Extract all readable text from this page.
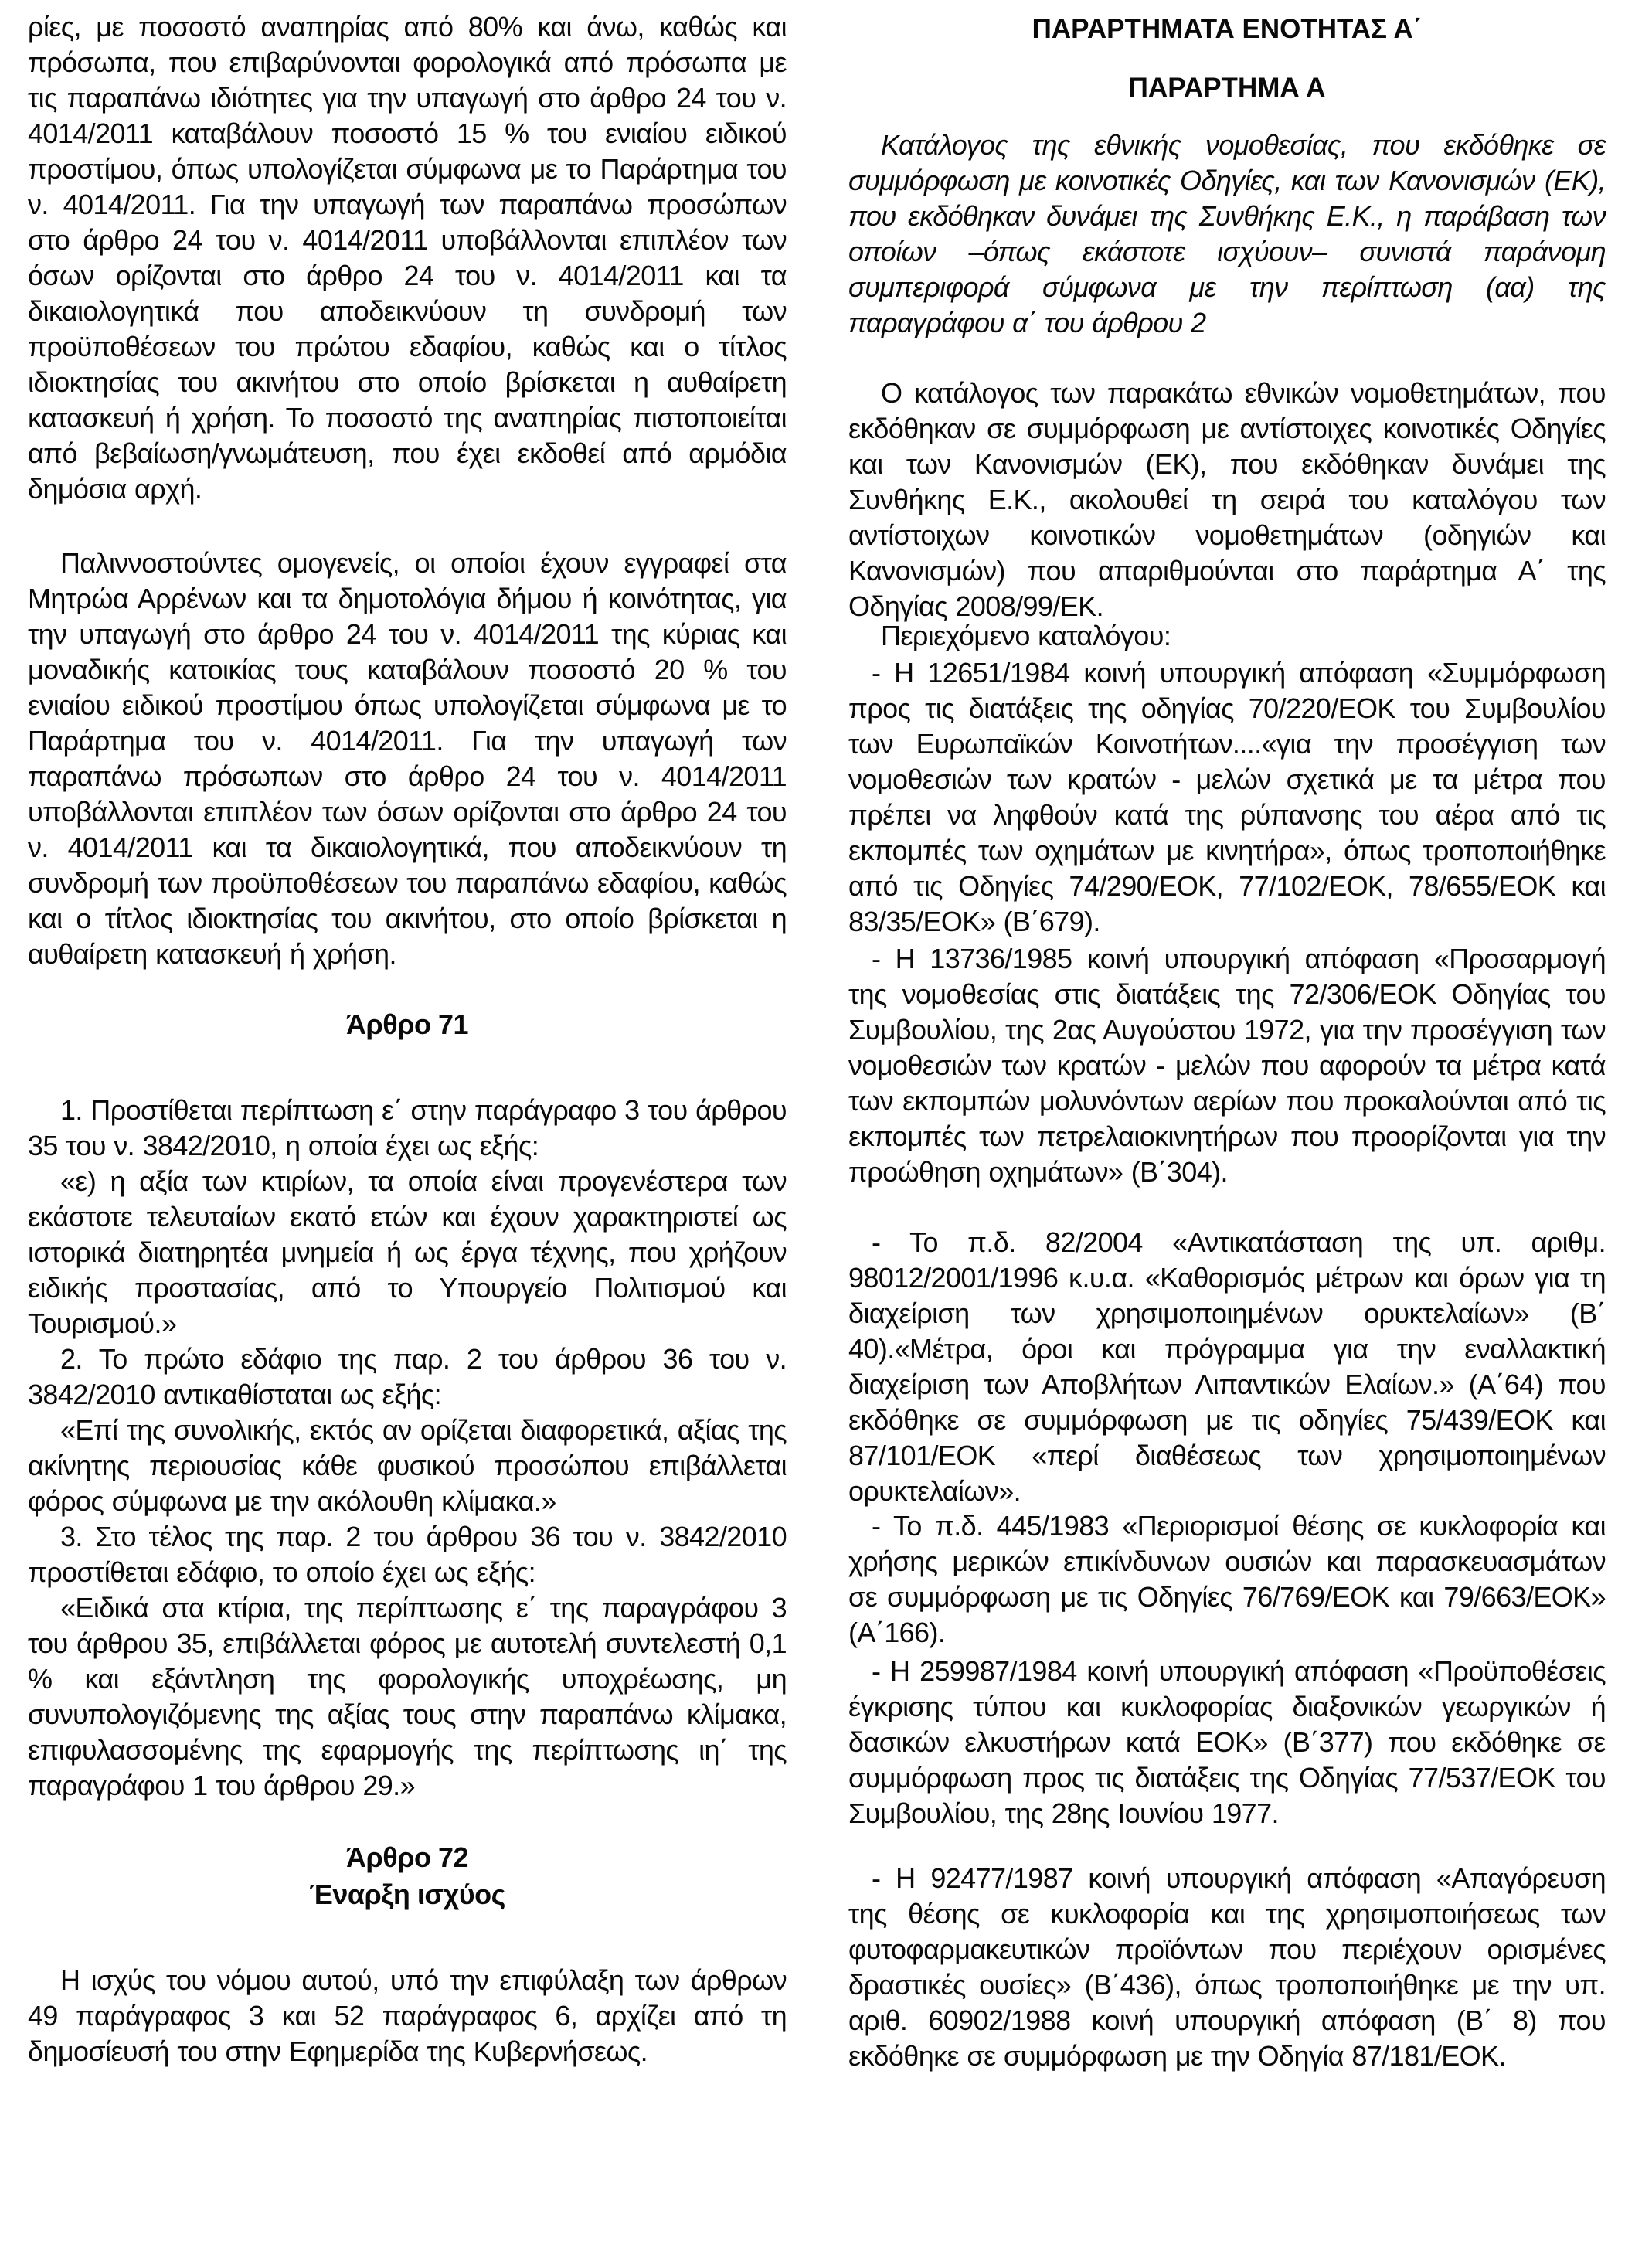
ρίες, με ποσοστό αναπηρίας από 80% και άνω, καθώς και πρόσωπα, που επιβαρύνονται φορολογικά από πρόσωπα με τις παραπάνω ιδιότητες για την υπαγωγή στο άρθρο 24 του ν. 4014/2011 καταβάλουν ποσοστό 15 % του ενιαίου ειδικού προστίμου, όπως υπολογίζεται σύμφωνα με το Παράρτημα του ν. 4014/2011. Για την υπαγωγή των παραπάνω προσώπων στο άρθρο 24 του ν. 4014/2011 υποβάλλονται επιπλέον των όσων ορίζονται στο άρθρο 24 του ν. 4014/2011 και τα δικαιολογητικά που αποδεικνύουν τη συνδρομή των προϋποθέσεων του πρώτου εδαφίου, καθώς και ο τίτλος ιδιοκτησίας του ακινήτου στο οποίο βρίσκεται η αυθαίρετη κατασκευή ή χρήση. Το ποσοστό της αναπηρίας πιστοποιείται από βεβαίωση/γνωμάτευση, που έχει εκδοθεί από αρμόδια δημόσια αρχή.

Παλιννοστούντες ομογενείς, οι οποίοι έχουν εγγραφεί στα Μητρώα Αρρένων και τα δημοτολόγια δήμου ή κοινότητας, για την υπαγωγή στο άρθρο 24 του ν. 4014/2011 της κύριας και μοναδικής κατοικίας τους καταβάλουν ποσοστό 20 % του ενιαίου ειδικού προστίμου όπως υπολογίζεται σύμφωνα με το Παράρτημα του ν. 4014/2011. Για την υπαγωγή των παραπάνω πρόσωπων στο άρθρο 24 του ν. 4014/2011 υποβάλλονται επιπλέον των όσων ορίζονται στο άρθρο 24 του ν. 4014/2011 και τα δικαιολογητικά, που αποδεικνύουν τη συνδρομή των προϋποθέσεων του παραπάνω εδαφίου, καθώς και ο τίτλος ιδιοκτησίας του ακινήτου, στο οποίο βρίσκεται η αυθαίρετη κατασκευή ή χρήση.

Άρθρο 71

1. Προστίθεται περίπτωση ε΄ στην παράγραφο 3 του άρθρου 35 του ν. 3842/2010, η οποία έχει ως εξής:

«ε) η αξία των κτιρίων, τα οποία είναι προγενέστερα των εκάστοτε τελευταίων εκατό ετών και έχουν χαρακτηριστεί ως ιστορικά διατηρητέα μνημεία ή ως έργα τέχνης, που χρήζουν ειδικής προστασίας, από το Υπουργείο Πολιτισμού και Τουρισμού.»

2. Το πρώτο εδάφιο της παρ. 2 του άρθρου 36 του ν. 3842/2010 αντικαθίσταται ως εξής:

«Επί της συνολικής, εκτός αν ορίζεται διαφορετικά, αξίας της ακίνητης περιουσίας κάθε φυσικού προσώπου επιβάλλεται φόρος σύμφωνα με την ακόλουθη κλίμακα.»

3. Στο τέλος της παρ. 2 του άρθρου 36 του ν. 3842/2010 προστίθεται εδάφιο, το οποίο έχει ως εξής:

«Ειδικά στα κτίρια, της περίπτωσης ε΄ της παραγράφου 3 του άρθρου 35, επιβάλλεται φόρος με αυτοτελή συντελεστή 0,1 % και εξάντληση της φορολογικής υποχρέωσης, μη συνυπολογιζόμενης της αξίας τους στην παραπάνω κλίμακα, επιφυλασσομένης της εφαρμογής της περίπτωσης ιη΄ της παραγράφου 1 του άρθρου 29.»

Άρθρο 72
Έναρξη ισχύος

Η ισχύς του νόμου αυτού, υπό την επιφύλαξη των άρθρων 49 παράγραφος 3 και 52 παράγραφος 6, αρχίζει από τη δημοσίευσή του στην Εφημερίδα της Κυβερνήσεως.

ΠΑΡΑΡΤΗΜΑΤΑ ΕΝΟΤΗΤΑΣ Α΄
ΠΑΡΑΡΤΗΜΑ Α

Κατάλογος της εθνικής νομοθεσίας, που εκδόθηκε σε συμμόρφωση με κοινοτικές Οδηγίες, και των Κανονισμών (ΕΚ), που εκδόθηκαν δυνάμει της Συνθήκης Ε.Κ., η παράβαση των οποίων –όπως εκάστοτε ισχύουν– συνιστά παράνομη συμπεριφορά σύμφωνα με την περίπτωση (αα) της παραγράφου α΄ του άρθρου 2

Ο κατάλογος των παρακάτω εθνικών νομοθετημάτων, που εκδόθηκαν σε συμμόρφωση με αντίστοιχες κοινοτικές Οδηγίες και των Κανονισμών (ΕΚ), που εκδόθηκαν δυνάμει της Συνθήκης Ε.Κ., ακολουθεί τη σειρά του καταλόγου των αντίστοιχων κοινοτικών νομοθετημάτων (οδηγιών και Κανονισμών) που απαριθμούνται στο παράρτημα Α΄ της Οδηγίας 2008/99/ΕΚ.

Περιεχόμενο καταλόγου:

- Η 12651/1984 κοινή υπουργική απόφαση «Συμμόρφωση προς τις διατάξεις της οδηγίας 70/220/ΕΟΚ του Συμβουλίου των Ευρωπαϊκών Κοινοτήτων....«για την προσέγγιση των νομοθεσιών των κρατών - μελών σχετικά με τα μέτρα που πρέπει να ληφθούν κατά της ρύπανσης του αέρα από τις εκπομπές των οχημάτων με κινητήρα», όπως τροποποιήθηκε από τις Οδηγίες 74/290/ΕΟΚ, 77/102/ΕΟΚ, 78/655/ΕΟΚ και 83/35/ΕΟΚ» (Β΄679).

- Η 13736/1985 κοινή υπουργική απόφαση «Προσαρμογή της νομοθεσίας στις διατάξεις της 72/306/ΕΟΚ Οδηγίας του Συμβουλίου, της 2ας Αυγούστου 1972, για την προσέγγιση των νομοθεσιών των κρατών - μελών που αφορούν τα μέτρα κατά των εκπομπών μολυνόντων αερίων που προκαλούνται από τις εκπομπές των πετρελαιοκινητήρων που προορίζονται για την προώθηση οχημάτων» (Β΄304).

- Το π.δ. 82/2004 «Αντικατάσταση της υπ. αριθμ. 98012/2001/1996 κ.υ.α. «Καθορισμός μέτρων και όρων για τη διαχείριση των χρησιμοποιημένων ορυκτελαίων» (Β΄ 40).«Μέτρα, όροι και πρόγραμμα για την εναλλακτική διαχείριση των Αποβλήτων Λιπαντικών Ελαίων.» (Α΄64) που εκδόθηκε σε συμμόρφωση με τις οδηγίες 75/439/ΕΟΚ και 87/101/ΕΟΚ «περί διαθέσεως των χρησιμοποιημένων ορυκτελαίων».

- Το π.δ. 445/1983 «Περιορισμοί θέσης σε κυκλοφορία και χρήσης μερικών επικίνδυνων ουσιών και παρασκευασμάτων σε συμμόρφωση με τις Οδηγίες 76/769/ΕΟΚ και 79/663/ΕΟΚ» (Α΄166).

- Η 259987/1984 κοινή υπουργική απόφαση «Προϋποθέσεις έγκρισης τύπου και κυκλοφορίας διαξονικών γεωργικών ή δασικών ελκυστήρων κατά ΕΟΚ» (Β΄377) που εκδόθηκε σε συμμόρφωση προς τις διατάξεις της Οδηγίας 77/537/ΕΟΚ του Συμβουλίου, της 28ης Ιουνίου 1977.

- Η 92477/1987 κοινή υπουργική απόφαση «Απαγόρευση της θέσης σε κυκλοφορία και της χρησιμοποιήσεως των φυτοφαρμακευτικών προϊόντων που περιέχουν ορισμένες δραστικές ουσίες» (Β΄436), όπως τροποποιήθηκε με την υπ. αριθ. 60902/1988 κοινή υπουργική απόφαση (Β΄ 8) που εκδόθηκε σε συμμόρφωση με την Οδηγία 87/181/ΕΟΚ.
